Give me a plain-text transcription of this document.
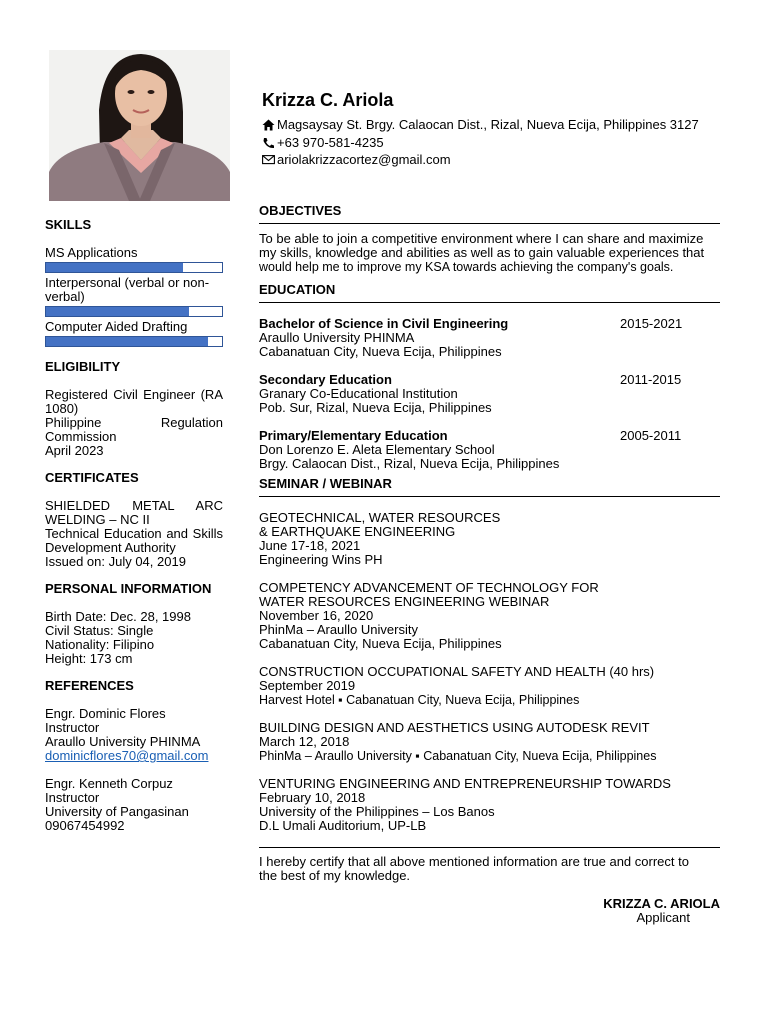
Krizza C. Ariola
Magsaysay St. Brgy. Calaocan Dist., Rizal, Nueva Ecija, Philippines 3127
+63 970-581-4235
ariolakrizzacortez@gmail.com
SKILLS
MS Applications
Interpersonal (verbal or non-verbal)
Computer Aided Drafting
ELIGIBILITY
Registered Civil Engineer (RA 1080)
Philippine Regulation Commission
April 2023
CERTIFICATES
SHIELDED METAL ARC WELDING – NC II
Technical Education and Skills Development Authority
Issued on: July 04, 2019
PERSONAL INFORMATION
Birth Date: Dec. 28, 1998
Civil Status: Single
Nationality: Filipino
Height: 173 cm
REFERENCES
Engr. Dominic Flores
Instructor
Araullo University PHINMA
dominicflores70@gmail.com
Engr. Kenneth Corpuz
Instructor
University of Pangasinan
09067454992
OBJECTIVES
To be able to join a competitive environment where I can share and maximize
my skills, knowledge and abilities as well as to gain valuable experiences that
would help me to improve my KSA towards achieving the company's goals.
EDUCATION
Bachelor of Science in Civil Engineering	2015-2021
Araullo University PHINMA
Cabanatuan City, Nueva Ecija, Philippines
Secondary Education	2011-2015
Granary Co-Educational Institution
Pob. Sur, Rizal, Nueva Ecija, Philippines
Primary/Elementary Education	2005-2011
Don Lorenzo E. Aleta Elementary School
Brgy. Calaocan Dist., Rizal, Nueva Ecija, Philippines
SEMINAR / WEBINAR
GEOTECHNICAL, WATER RESOURCES
& EARTHQUAKE ENGINEERING
June 17-18, 2021
Engineering Wins PH
COMPETENCY ADVANCEMENT OF TECHNOLOGY FOR
WATER RESOURCES ENGINEERING WEBINAR
November 16, 2020
PhinMa – Araullo University
Cabanatuan City, Nueva Ecija, Philippines
CONSTRUCTION OCCUPATIONAL SAFETY AND HEALTH (40 hrs)
September 2019
Harvest Hotel ▪ Cabanatuan City, Nueva Ecija, Philippines
BUILDING DESIGN AND AESTHETICS USING AUTODESK REVIT
March 12, 2018
PhinMa – Araullo University ▪ Cabanatuan City, Nueva Ecija, Philippines
VENTURING ENGINEERING AND ENTREPRENEURSHIP TOWARDS
February 10, 2018
University of the Philippines – Los Banos
D.L Umali Auditorium, UP-LB
I hereby certify that all above mentioned information are true and correct to
the best of my knowledge.
KRIZZA C. ARIOLA
Applicant
